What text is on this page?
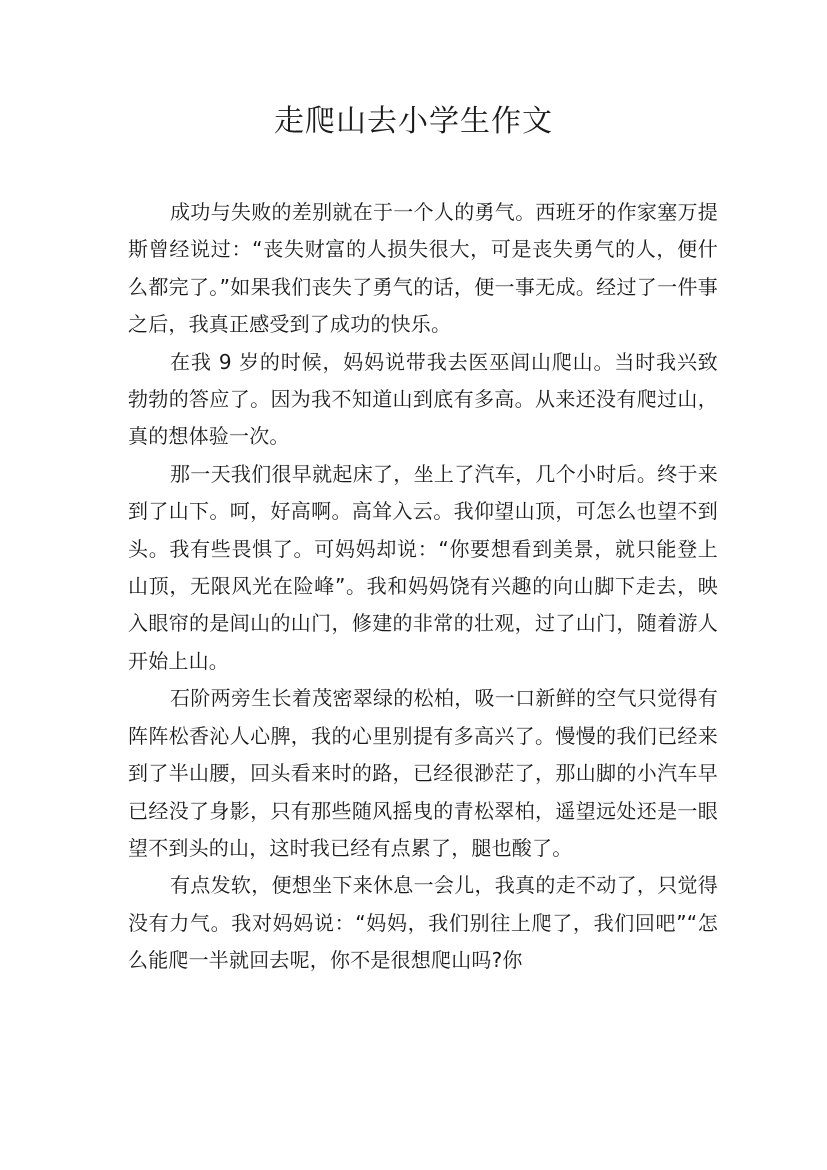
走爬山去小学生作文

成功与失败的差别就在于一个人的勇气。西班牙的作家塞万提斯曾经说过：“丧失财富的人损失很大，可是丧失勇气的人，便什么都完了。”如果我们丧失了勇气的话，便一事无成。经过了一件事之后，我真正感受到了成功的快乐。

在我 9 岁的时候，妈妈说带我去医巫闾山爬山。当时我兴致勃勃的答应了。因为我不知道山到底有多高。从来还没有爬过山，真的想体验一次。

那一天我们很早就起床了，坐上了汽车，几个小时后。终于来到了山下。呵，好高啊。高耸入云。我仰望山顶，可怎么也望不到头。我有些畏惧了。可妈妈却说：“你要想看到美景，就只能登上山顶，无限风光在险峰”。我和妈妈饶有兴趣的向山脚下走去，映入眼帘的是闾山的山门，修建的非常的壮观，过了山门，随着游人开始上山。

石阶两旁生长着茂密翠绿的松柏，吸一口新鲜的空气只觉得有阵阵松香沁人心脾，我的心里别提有多高兴了。慢慢的我们已经来到了半山腰，回头看来时的路，已经很渺茫了，那山脚的小汽车早已经没了身影，只有那些随风摇曳的青松翠柏，遥望远处还是一眼望不到头的山，这时我已经有点累了，腿也酸了。

有点发软，便想坐下来休息一会儿，我真的走不动了，只觉得没有力气。我对妈妈说：“妈妈，我们别往上爬了，我们回吧”“怎么能爬一半就回去呢，你不是很想爬山吗?你
